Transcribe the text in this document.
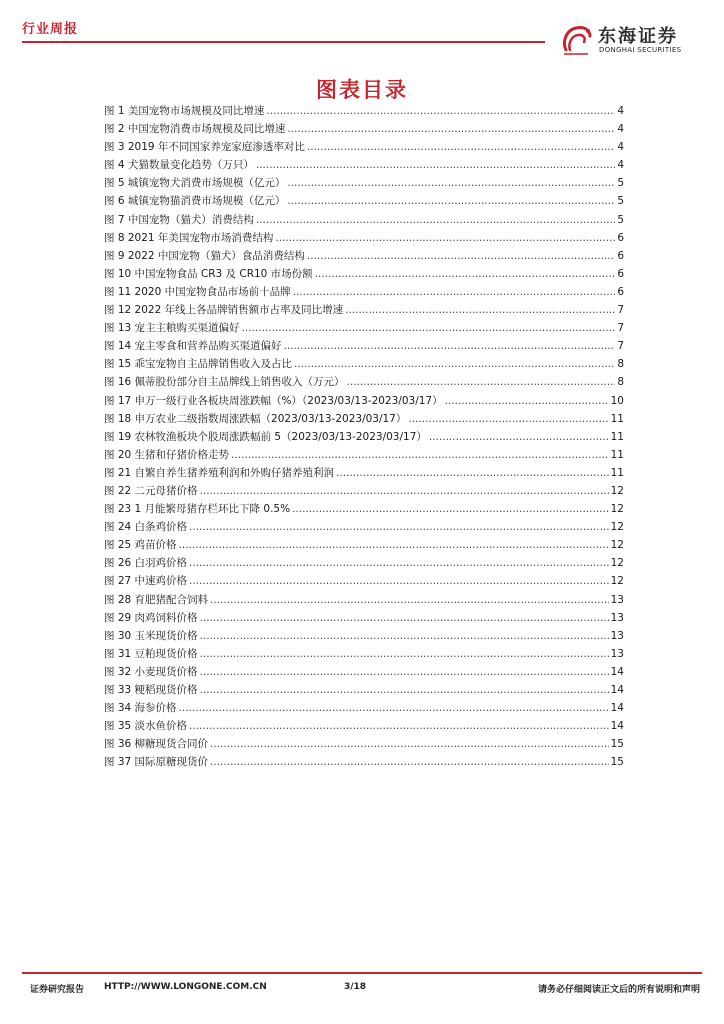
行业周报	东海证券
DONGHAI SECURITIES
图表目录
图 1 美国宠物市场规模及同比增速 .....	4
图 2 中国宠物消费市场规模及同比增速 .....	4
图 3 2019 年不同国家养宠家庭渗透率对比 .....	4
图 4 犬猫数量变化趋势（万只） .....	4
图 5 城镇宠物犬消费市场规模（亿元） .....	5
图 6 城镇宠物猫消费市场规模（亿元） .....	5
图 7 中国宠物（猫犬）消费结构 .....	5
图 8 2021 年美国宠物市场消费结构 .....	6
图 9 2022 中国宠物（猫犬）食品消费结构 .....	6
图 10 中国宠物食品 CR3 及 CR10 市场份额 .....	6
图 11 2020 中国宠物食品市场前十品牌 .....	6
图 12 2022 年线上各品牌销售额市占率及同比增速 .....	7
图 13 宠主主粮购买渠道偏好 .....	7
图 14 宠主零食和营养品购买渠道偏好 .....	7
图 15 乖宝宠物自主品牌销售收入及占比 .....	8
图 16 佩蒂股份部分自主品牌线上销售收入（万元） .....	8
图 17 申万一级行业各板块周涨跌幅（%）（2023/03/13-2023/03/17） .....	10
图 18 申万农业二级指数周涨跌幅（2023/03/13-2023/03/17） .....	11
图 19 农林牧渔板块个股周涨跌幅前 5（2023/03/13-2023/03/17） .....	11
图 20 生猪和仔猪价格走势 .....	11
图 21 自繁自养生猪养殖利润和外购仔猪养殖利润 .....	11
图 22 二元母猪价格 .....	12
图 23 1 月能繁母猪存栏环比下降 0.5% .....	12
图 24 白条鸡价格 .....	12
图 25 鸡苗价格 .....	12
图 26 白羽鸡价格 .....	12
图 27 中速鸡价格 .....	12
图 28 育肥猪配合饲料 .....	13
图 29 肉鸡饲料价格 .....	13
图 30 玉米现货价格 .....	13
图 31 豆粕现货价格 .....	13
图 32 小麦现货价格 .....	14
图 33 粳稻现货价格 .....	14
图 34 海参价格 .....	14
图 35 淡水鱼价格 .....	14
图 36 柳糖现货合同价 .....	15
图 37 国际原糖现货价 .....	15
证券研究报告 HTTP://WWW.LONGONE.COM.CN	3/18	请务必仔细阅读正文后的所有说明和声明
